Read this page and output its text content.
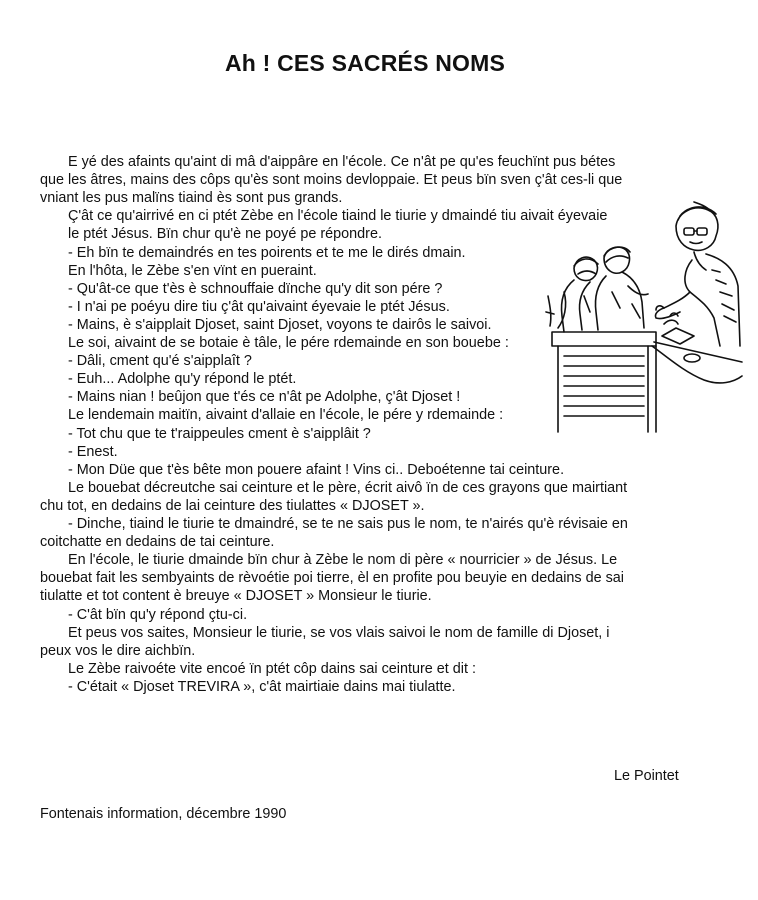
Ah ! CES SACRÉS NOMS
E yé des afaints qu'aint di mâ d'aippâre en l'école. Ce n'ât pe qu'es feuchïnt pus bétes
que les âtres, mains des côps qu'ès sont moins devloppaie. Et peus bïn sven ç'ât ces-li que
vniant les pus malïns tiaind ès sont pus grands.
Ç'ât ce qu'airrivé en ci ptét Zèbe en l'école tiaind le tiurie y dmaindé tiu aivait éyevaie
le ptét Jésus. Bïn chur qu'è ne poyé pe répondre.
- Eh bïn te demaindrés en tes poirents et te me le dirés dmain.
En l'hôta, le Zèbe s'en vïnt en pueraint.
- Qu'ât-ce que t'ès è schnouffaie dïnche qu'y dit son pére ?
- I n'ai pe poéyu dire tiu ç'ât qu'aivaint éyevaie le ptét Jésus.
- Mains, è s'aipplait Djoset, saint Djoset, voyons te dairôs le saivoi.
Le soi, aivaint de se botaie è tâle, le pére rdemainde en son bouebe :
- Dâli, cment qu'é s'aipplaît ?
- Euh... Adolphe qu'y répond le ptét.
- Mains nian ! beûjon que t'és ce n'ât pe Adolphe, ç'ât Djoset !
Le lendemain maitïn, aivaint d'allaie en l'école, le pére y rdemainde :
- Tot chu que te t'raippeules cment è s'aipplâit ?
- Enest.
- Mon Düe que t'ès bête mon pouere afaint ! Vins ci.. Deboétenne tai ceinture.
Le bouebat décreutche sai ceinture et le père, écrit aivô ïn de ces grayons que mairtiant
chu tot, en dedains de lai ceinture des tiulattes « DJOSET ».
- Dinche, tiaind le tiurie te dmaindré, se te ne sais pus le nom, te n'airés qu'è révisaie en
coitchatte en dedains de tai ceinture.
En l'école, le tiurie dmainde bïn chur à Zèbe le nom di père « nourricier » de Jésus. Le
bouebat fait les sembyaints de rèvoétie poi tierre, èl en profite pou beuyie en dedains de sai
tiulatte et tot content è breuye « DJOSET » Monsieur le tiurie.
- C'ât bïn qu'y répond çtu-ci.
Et peus vos saites, Monsieur le tiurie, se vos vlais saivoi le nom de famille di Djoset, i
peux vos le dire aichbïn.
Le Zèbe raivoéte vite encoé ïn ptét côp dains sai ceinture et dit :
- C'était « Djoset TREVIRA », c'ât mairtiaie dains mai tiulatte.
Le Pointet
Fontenais information, décembre 1990
